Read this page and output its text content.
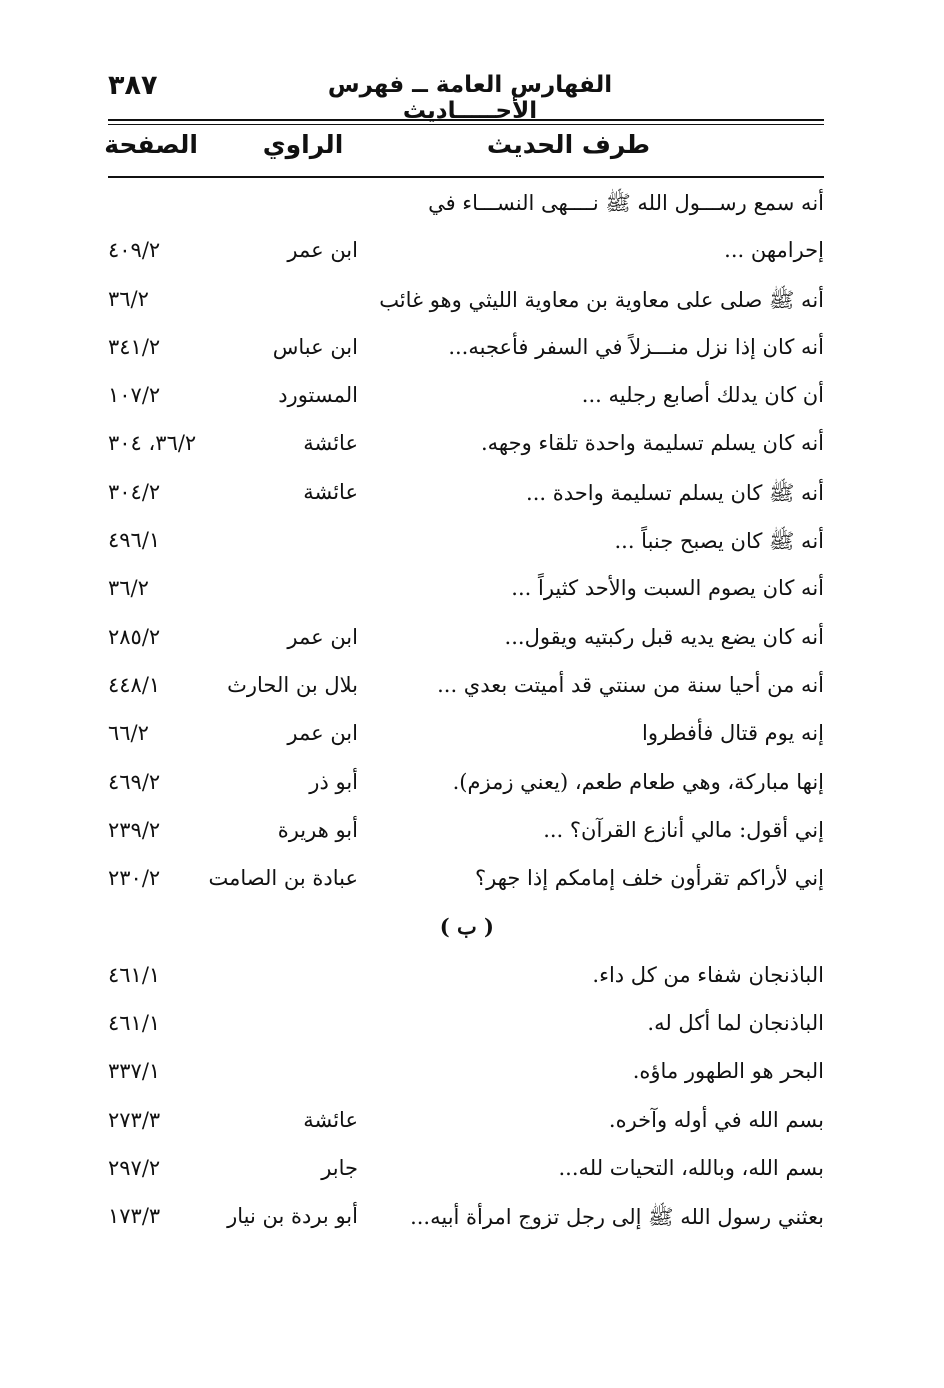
الفهارس العامة ــ فهرس الأحـــــاديث
٣٨٧
طرف الحديث
الراوي
الصفحة
أنه سمع رســـول الله ﷺ نــــهى النســـاء في
إحرامهن ...
ابن عمر
٤٠٩/٢
أنه ﷺ صلى على معاوية بن معاوية الليثي وهو غائب
٣٦/٢
أنه كان إذا نزل منـــزلاً في السفر فأعجبه...
ابن عباس
٣٤١/٢
أن كان يدلك أصابع رجليه ...
المستورد
١٠٧/٢
أنه كان يسلم تسليمة واحدة تلقاء وجهه.
عائشة
٣٦/٢، ٣٠٤
أنه ﷺ كان يسلم تسليمة واحدة ...
عائشة
٣٠٤/٢
أنه ﷺ كان يصبح جنباً ...
٤٩٦/١
أنه كان يصوم السبت والأحد كثيراً ...
٣٦/٢
أنه كان يضع يديه قبل ركبتيه ويقول...
ابن عمر
٢٨٥/٢
أنه من أحيا سنة من سنتي قد أميتت بعدي ...
بلال بن الحارث
٤٤٨/١
إنه يوم قتال فأفطروا
ابن عمر
٦٦/٢
إنها مباركة، وهي طعام طعم، (يعني زمزم).
أبو ذر
٤٦٩/٢
إني أقول: مالي أنازع القرآن؟ ...
أبو هريرة
٢٣٩/٢
إني لأراكم تقرأون خلف إمامكم إذا جهر؟
عبادة بن الصامت
٢٣٠/٢
( ب )
الباذنجان شفاء من كل داء.
٤٦١/١
الباذنجان لما أكل له.
٤٦١/١
البحر هو الطهور ماؤه.
٣٣٧/١
بسم الله في أوله وآخره.
عائشة
٢٧٣/٣
بسم الله، وبالله، التحيات لله...
جابر
٢٩٧/٢
بعثني رسول الله ﷺ إلى رجل تزوج امرأة أبيه...
أبو بردة بن نيار
١٧٣/٣
